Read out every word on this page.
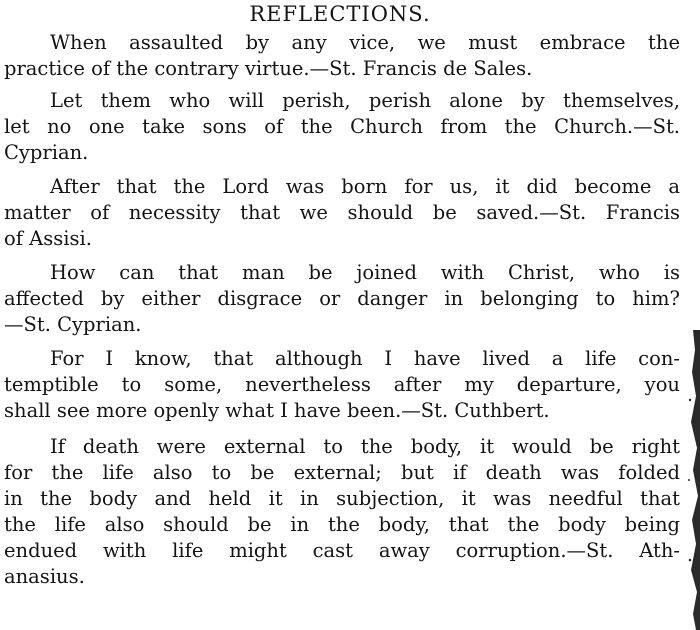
REFLECTIONS.
When assaulted by any vice, we must embrace the
practice of the contrary virtue.—St. Francis de Sales.
Let them who will perish, perish alone by themselves,
let no one take sons of the Church from the Church.—St.
Cyprian.
After that the Lord was born for us, it did become a
matter of necessity that we should be saved.—St. Francis
of Assisi.
How can that man be joined with Christ, who is
affected by either disgrace or danger in belonging to him?
—St. Cyprian.
For I know, that although I have lived a life con-
temptible to some, nevertheless after my departure, you
shall see more openly what I have been.—St. Cuthbert.
If death were external to the body, it would be right
for the life also to be external; but if death was folded
in the body and held it in subjection, it was needful that
the life also should be in the body, that the body being
endued with life might cast away corruption.—St. Ath-
anasius.
